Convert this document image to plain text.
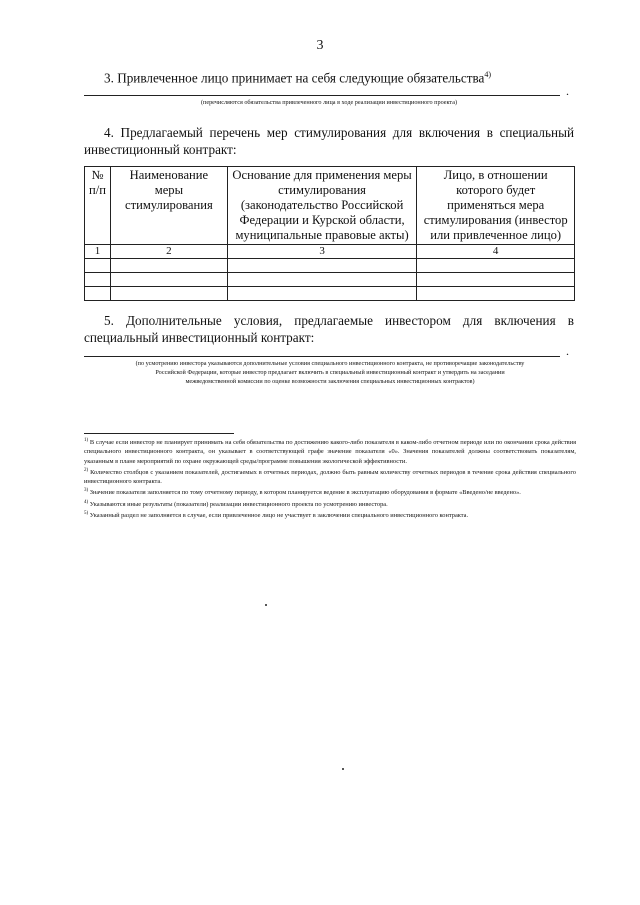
3
3. Привлеченное лицо принимает на себя следующие обязательства$^{4)}$
.
(перечисляются обязательства привлеченного лица в ходе реализации инвестиционного проекта)
4. Предлагаемый перечень мер стимулирования для включения в специальный инвестиционный контракт:
№ п/п	Наименование меры стимулирования	Основание для применения меры стимулирования (законодательство Российской Федерации и Курской области, муниципальные правовые акты)	Лицо, в отношении которого будет применяться мера стимулирования (инвестор или привлеченное лицо)
1	2	3	4

5. Дополнительные условия, предлагаемые инвестором для включения в специальный инвестиционный контракт:
.
(по усмотрению инвестора указываются дополнительные условия специального инвестиционного контракта, не противоречащие законодательству Российской Федерации, которые инвестор предлагает включить в специальный инвестиционный контракт и утвердить на заседании межведомственной комиссии по оценке возможности заключения специальных инвестиционных контрактов)

$^{1)}$ В случае если инвестор не планирует принимать на себя обязательства по достижению какого-либо показателя в каком-либо отчетном периоде или по окончании срока действия специального инвестиционного контракта, он указывает в соответствующей графе значение показателя «0». Значения показателей должны соответствовать показателям, указанным в плане мероприятий по охране окружающей среды/программе повышения экологической эффективности.

$^{2)}$ Количество столбцов с указанием показателей, достигаемых в отчетных периодах, должно быть равным количеству отчетных периодов в течение срока действия специального инвестиционного контракта.

$^{3)}$ Значение показателя заполняется по тому отчетному периоду, в котором планируется ведение в эксплуатацию оборудования в формате «Введено/не введено».

$^{4)}$ Указываются иные результаты (показатели) реализации инвестиционного проекта по усмотрению инвестора.

$^{5)}$ Указанный раздел не заполняется в случае, если привлеченное лицо не участвует в заключении специального инвестиционного контракта.
